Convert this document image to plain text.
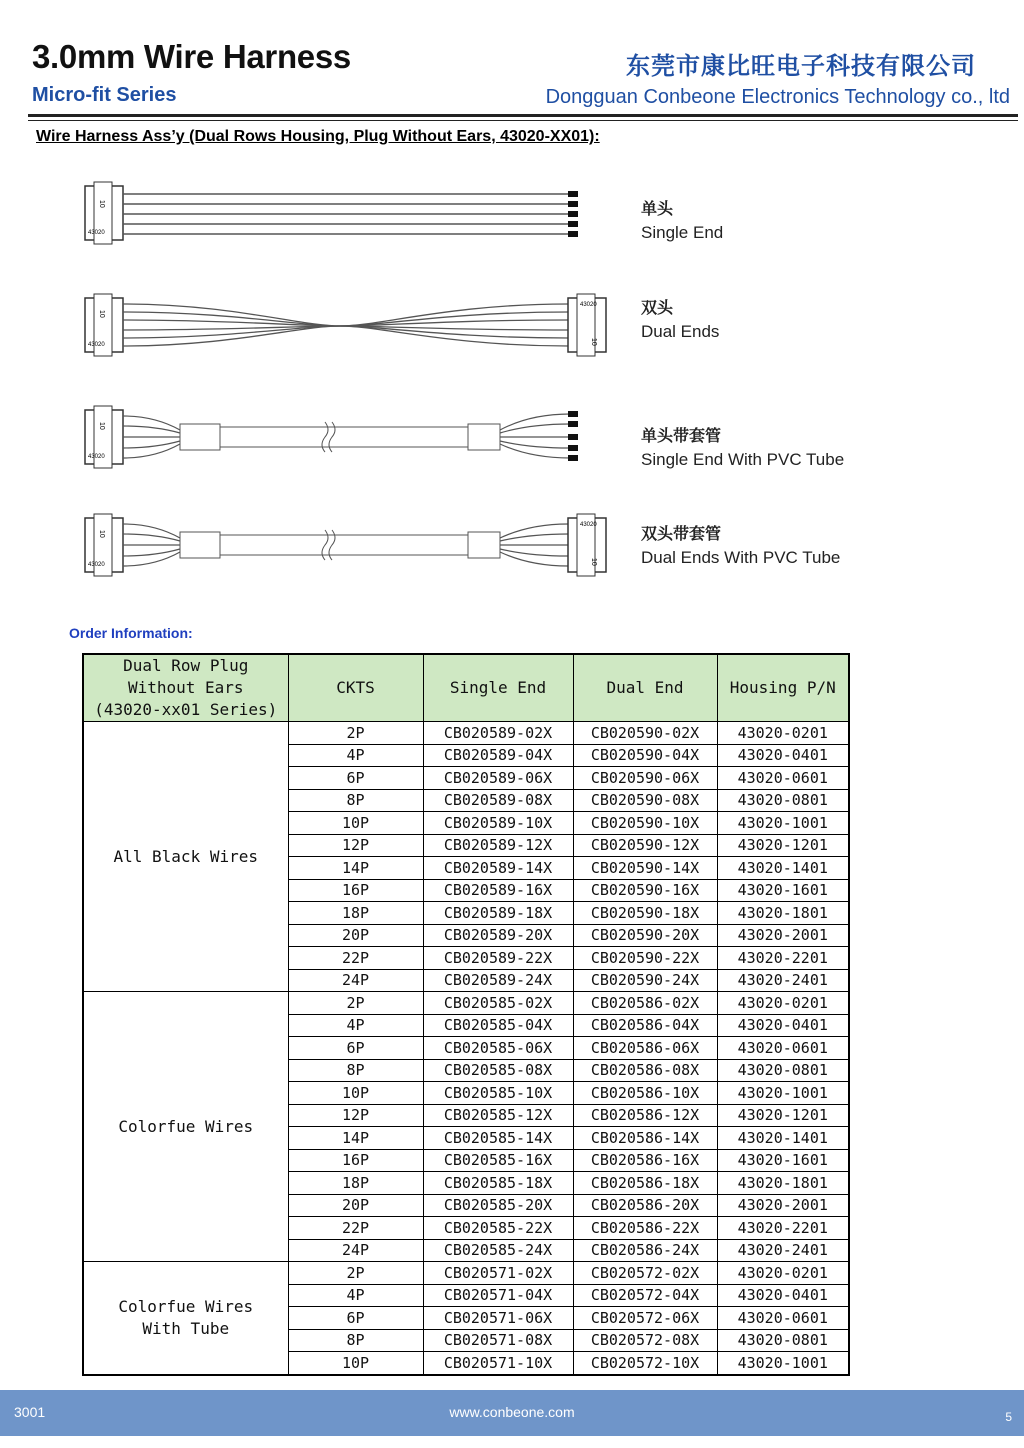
3.0mm Wire Harness
Micro-fit Series
东莞市康比旺电子科技有限公司
Dongguan Conbeone Electronics Technology co., ltd
Wire Harness Ass’y (Dual Rows Housing, Plug Without Ears, 43020-XX01):
10
43020
单头
Single End
10
43020
43020
10
双头
Dual Ends
10
43020
单头带套管
Single End With PVC Tube
10
43020
43020
10
双头带套管
Dual Ends With PVC Tube
Order Information:
Dual Row Plug
Without Ears
(43020-xx01 Series)	CKTS	Single End	Dual End	Housing P/N
All Black Wires	2P	CB020589-02X	CB020590-02X	43020-0201
	4P	CB020589-04X	CB020590-04X	43020-0401
	6P	CB020589-06X	CB020590-06X	43020-0601
	8P	CB020589-08X	CB020590-08X	43020-0801
	10P	CB020589-10X	CB020590-10X	43020-1001
	12P	CB020589-12X	CB020590-12X	43020-1201
	14P	CB020589-14X	CB020590-14X	43020-1401
	16P	CB020589-16X	CB020590-16X	43020-1601
	18P	CB020589-18X	CB020590-18X	43020-1801
	20P	CB020589-20X	CB020590-20X	43020-2001
	22P	CB020589-22X	CB020590-22X	43020-2201
	24P	CB020589-24X	CB020590-24X	43020-2401
Colorfue Wires	2P	CB020585-02X	CB020586-02X	43020-0201
	4P	CB020585-04X	CB020586-04X	43020-0401
	6P	CB020585-06X	CB020586-06X	43020-0601
	8P	CB020585-08X	CB020586-08X	43020-0801
	10P	CB020585-10X	CB020586-10X	43020-1001
	12P	CB020585-12X	CB020586-12X	43020-1201
	14P	CB020585-14X	CB020586-14X	43020-1401
	16P	CB020585-16X	CB020586-16X	43020-1601
	18P	CB020585-18X	CB020586-18X	43020-1801
	20P	CB020585-20X	CB020586-20X	43020-2001
	22P	CB020585-22X	CB020586-22X	43020-2201
	24P	CB020585-24X	CB020586-24X	43020-2401
Colorfue Wires
With Tube	2P	CB020571-02X	CB020572-02X	43020-0201
	4P	CB020571-04X	CB020572-04X	43020-0401
	6P	CB020571-06X	CB020572-06X	43020-0601
	8P	CB020571-08X	CB020572-08X	43020-0801
	10P	CB020571-10X	CB020572-10X	43020-1001
3001	www.conbeone.com	5
